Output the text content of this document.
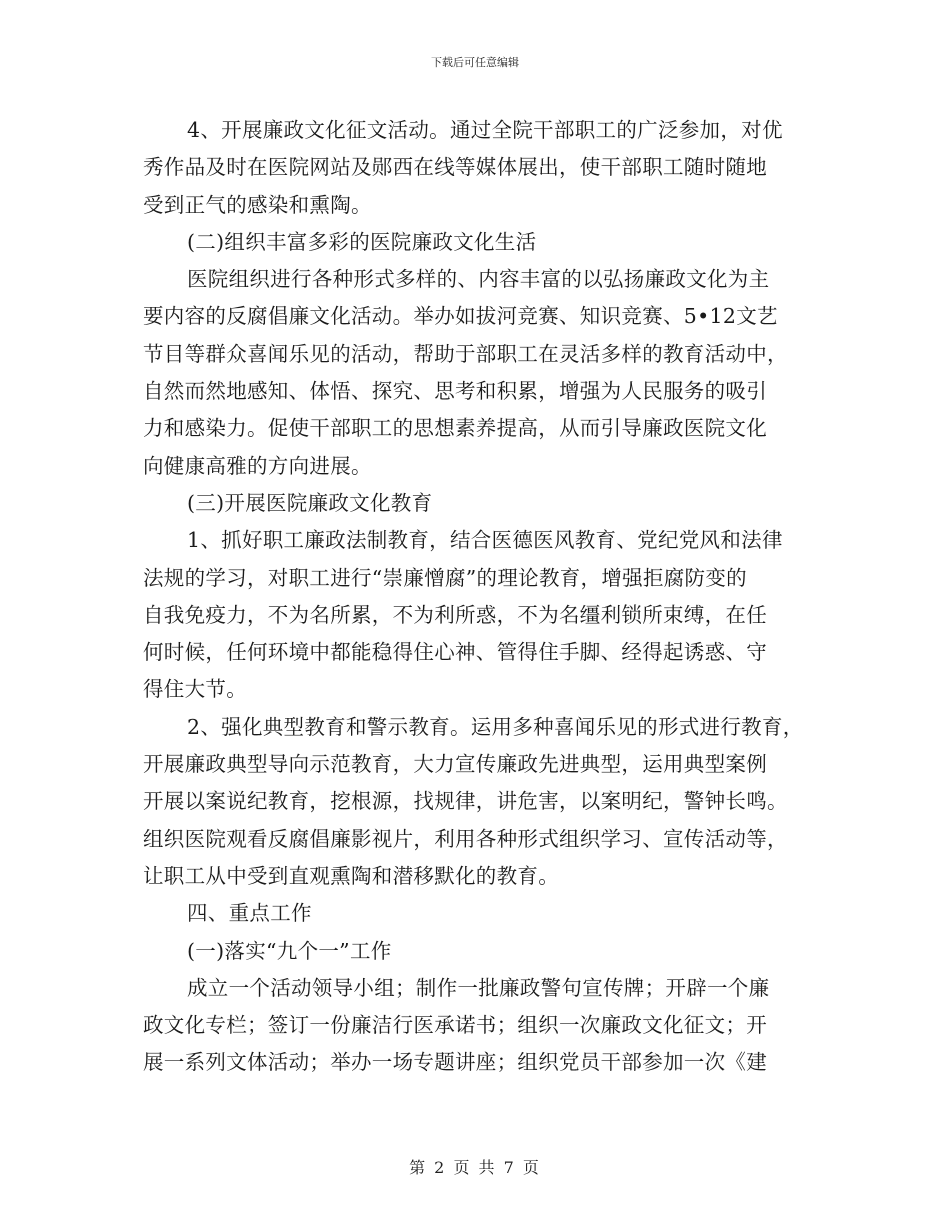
下载后可任意编辑
4、开展廉政文化征文活动。通过全院干部职工的广泛参加，对优
秀作品及时在医院网站及郧西在线等媒体展出，使干部职工随时随地
受到正气的感染和熏陶。
(二)组织丰富多彩的医院廉政文化生活
医院组织进行各种形式多样的、内容丰富的以弘扬廉政文化为主
要内容的反腐倡廉文化活动。举办如拔河竞赛、知识竞赛、5•12文艺
节目等群众喜闻乐见的活动，帮助于部职工在灵活多样的教育活动中，
自然而然地感知、体悟、探究、思考和积累，增强为人民服务的吸引
力和感染力。促使干部职工的思想素养提高，从而引导廉政医院文化
向健康高雅的方向进展。
(三)开展医院廉政文化教育
1、抓好职工廉政法制教育，结合医德医风教育、党纪党风和法律
法规的学习，对职工进行“崇廉憎腐”的理论教育，增强拒腐防变的
自我免疫力，不为名所累，不为利所惑，不为名缰利锁所束缚，在任
何时候，任何环境中都能稳得住心神、管得住手脚、经得起诱惑、守
得住大节。
2、强化典型教育和警示教育。运用多种喜闻乐见的形式进行教育，
开展廉政典型导向示范教育，大力宣传廉政先进典型，运用典型案例
开展以案说纪教育，挖根源，找规律，讲危害，以案明纪，警钟长鸣。
组织医院观看反腐倡廉影视片，利用各种形式组织学习、宣传活动等，
让职工从中受到直观熏陶和潜移默化的教育。
四、重点工作
(一)落实“九个一”工作
成立一个活动领导小组；制作一批廉政警句宣传牌；开辟一个廉
政文化专栏；签订一份廉洁行医承诺书；组织一次廉政文化征文；开
展一系列文体活动；举办一场专题讲座；组织党员干部参加一次《建
第 2 页 共 7 页
